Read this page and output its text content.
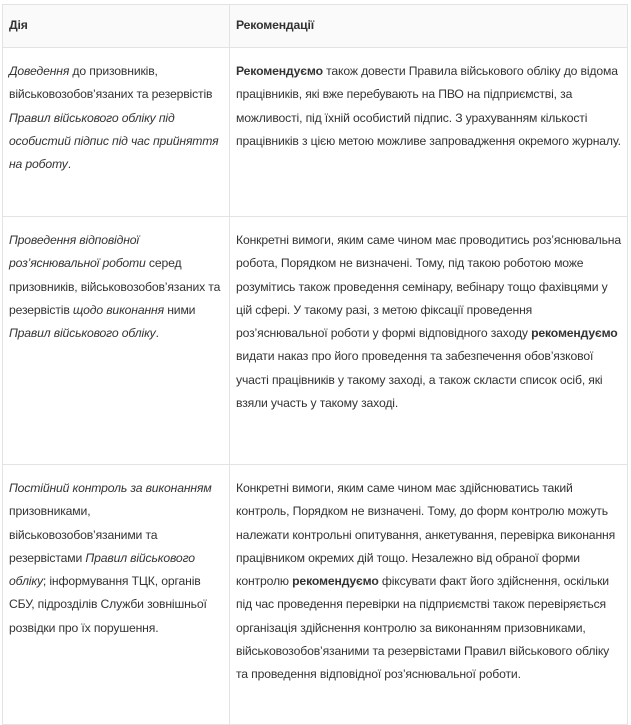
Дія	Рекомендації
Доведення до призовників, військовозобов’язаних та резервістів Правил військового обліку під особистий підпис під час прийняття на роботу.	Рекомендуємо також довести Правила військового обліку до відома працівників, які вже перебувають на ПВО на підприємстві, за можливості, під їхній особистий підпис. З урахуванням кількості працівників з цією метою можливе запровадження окремого журналу.
Проведення відповідної роз’яснювальної роботи серед призовників, військовозобов’язаних та резервістів щодо виконання ними Правил військового обліку.	Конкретні вимоги, яким саме чином має проводитись роз’яснювальна робота, Порядком не визначені. Тому, під такою роботою може розумітись також проведення семінару, вебінару тощо фахівцями у цій сфері. У такому разі, з метою фіксації проведення роз’яснювальної роботи у формі відповідного заходу рекомендуємо видати наказ про його проведення та забезпечення обов’язкової участі працівників у такому заході, а також скласти список осіб, які взяли участь у такому заході.
Постійний контроль за виконанням призовниками, військовозобов’язаними та резервістами Правил військового обліку; інформування ТЦК, органів СБУ, підрозділів Служби зовнішньої розвідки про їх порушення.	Конкретні вимоги, яким саме чином має здійснюватись такий контроль, Порядком не визначені. Тому, до форм контролю можуть належати контрольні опитування, анкетування, перевірка виконання працівником окремих дій тощо. Незалежно від обраної форми контролю рекомендуємо фіксувати факт його здійснення, оскільки під час проведення перевірки на підприємстві також перевіряється організація здійснення контролю за виконанням призовниками, військовозобов’язаними та резервістами Правил військового обліку та проведення відповідної роз’яснювальної роботи.
